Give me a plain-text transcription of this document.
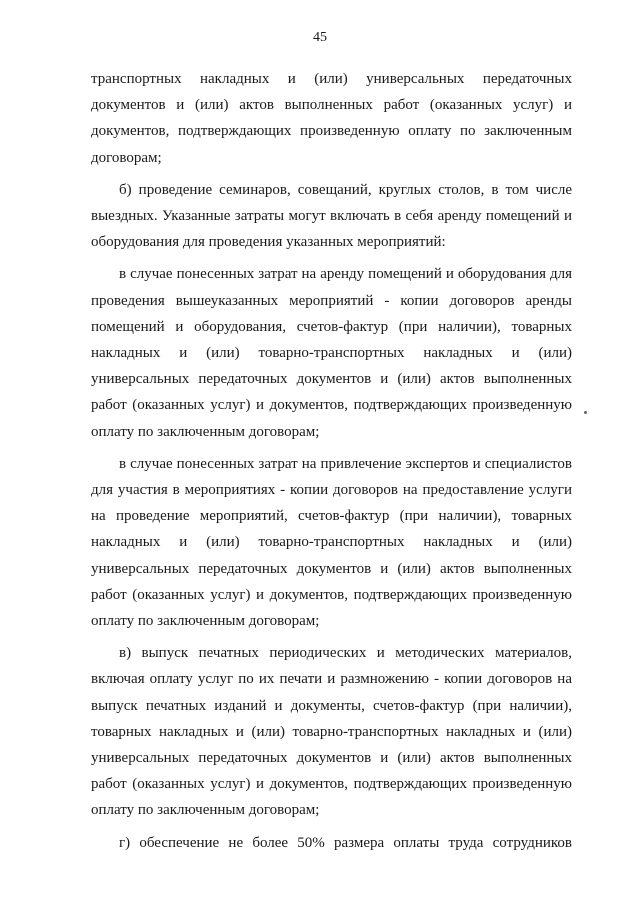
45

транспортных накладных и (или) универсальных передаточных документов и (или) актов выполненных работ (оказанных услуг) и документов, подтверждающих произведенную оплату по заключенным договорам;

б) проведение семинаров, совещаний, круглых столов, в том числе выездных. Указанные затраты могут включать в себя аренду помещений и оборудования для проведения указанных мероприятий:

в случае понесенных затрат на аренду помещений и оборудования для проведения вышеуказанных мероприятий - копии договоров аренды помещений и оборудования, счетов-фактур (при наличии), товарных накладных и (или) товарно-транспортных накладных и (или) универсальных передаточных документов и (или) актов выполненных работ (оказанных услуг) и документов, подтверждающих произведенную оплату по заключенным договорам;

в случае понесенных затрат на привлечение экспертов и специалистов для участия в мероприятиях - копии договоров на предоставление услуги на проведение мероприятий, счетов-фактур (при наличии), товарных накладных и (или) товарно-транспортных накладных и (или) универсальных передаточных документов и (или) актов выполненных работ (оказанных услуг) и документов, подтверждающих произведенную оплату по заключенным договорам;

в) выпуск печатных периодических и методических материалов, включая оплату услуг по их печати и размножению - копии договоров на выпуск печатных изданий и документы, счетов-фактур (при наличии), товарных накладных и (или) товарно-транспортных накладных и (или) универсальных передаточных документов и (или) актов выполненных работ (оказанных услуг) и документов, подтверждающих произведенную оплату по заключенным договорам;

г) обеспечение не более 50% размера оплаты труда сотрудников
